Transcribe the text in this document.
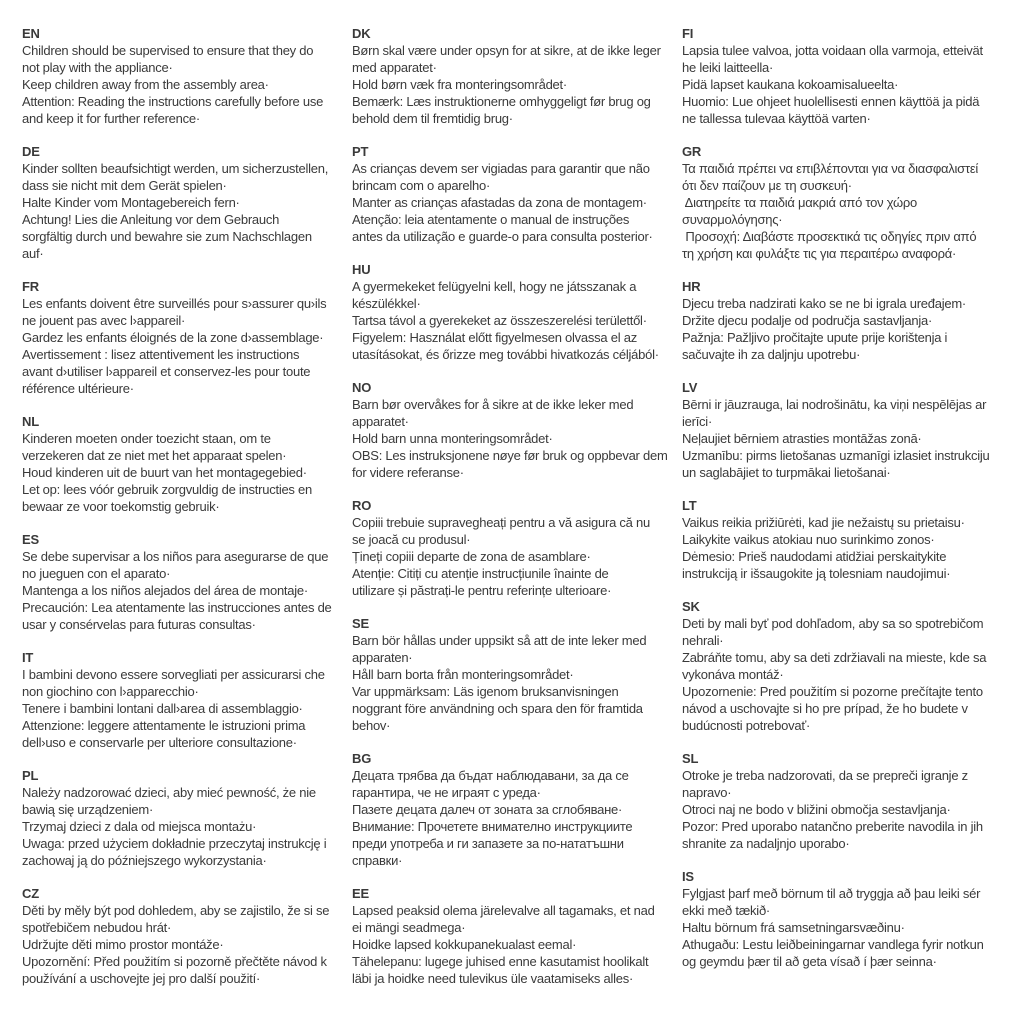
EN
Children should be supervised to ensure that they do
not play with the appliance·
Keep children away from the assembly area·
Attention: Reading the instructions carefully before use
and keep it for further reference·
DE
Kinder sollten beaufsichtigt werden, um sicherzustellen,
dass sie nicht mit dem Gerät spielen·
Halte Kinder vom Montagebereich fern·
Achtung! Lies die Anleitung vor dem Gebrauch
sorgfältig durch und bewahre sie zum Nachschlagen
auf·
FR
Les enfants doivent être surveillés pour s›assurer qu›ils
ne jouent pas avec l›appareil·
Gardez les enfants éloignés de la zone d›assemblage·
Avertissement : lisez attentivement les instructions
avant d›utiliser l›appareil et conservez-les pour toute
référence ultérieure·
NL
Kinderen moeten onder toezicht staan, om te
verzekeren dat ze niet met het apparaat spelen·
Houd kinderen uit de buurt van het montagegebied·
Let op: lees vóór gebruik zorgvuldig de instructies en
bewaar ze voor toekomstig gebruik·
ES
Se debe supervisar a los niños para asegurarse de que
no jueguen con el aparato·
Mantenga a los niños alejados del área de montaje·
Precaución: Lea atentamente las instrucciones antes de
usar y consérvelas para futuras consultas·
IT
I bambini devono essere sorvegliati per assicurarsi che
non giochino con l›apparecchio·
Tenere i bambini lontani dall›area di assemblaggio·
Attenzione: leggere attentamente le istruzioni prima
dell›uso e conservarle per ulteriore consultazione·
PL
Należy nadzorować dzieci, aby mieć pewność, że nie
bawią się urządzeniem·
Trzymaj dzieci z dala od miejsca montażu·
Uwaga: przed użyciem dokładnie przeczytaj instrukcję i
zachowaj ją do późniejszego wykorzystania·
CZ
Děti by měly být pod dohledem, aby se zajistilo, že si se
spotřebičem nebudou hrát·
Udržujte děti mimo prostor montáže·
Upozornění: Před použitím si pozorně přečtěte návod k
používání a uschovejte jej pro další použití·
DK
Børn skal være under opsyn for at sikre, at de ikke leger
med apparatet·
Hold børn væk fra monteringsområdet·
Bemærk: Læs instruktionerne omhyggeligt før brug og
behold dem til fremtidig brug·
PT
As crianças devem ser vigiadas para garantir que não
brincam com o aparelho·
Manter as crianças afastadas da zona de montagem·
Atenção: leia atentamente o manual de instruções
antes da utilização e guarde-o para consulta posterior·
HU
A gyermekeket felügyelni kell, hogy ne játsszanak a
készülékkel·
Tartsa távol a gyerekeket az összeszerelési területtől·
Figyelem: Használat előtt figyelmesen olvassa el az
utasításokat, és őrizze meg további hivatkozás céljából·
NO
Barn bør overvåkes for å sikre at de ikke leker med
apparatet·
Hold barn unna monteringsområdet·
OBS: Les instruksjonene nøye før bruk og oppbevar dem
for videre referanse·
RO
Copiii trebuie supravegheați pentru a vă asigura că nu
se joacă cu produsul·
Țineți copiii departe de zona de asamblare·
Atenție: Citiți cu atenție instrucțiunile înainte de
utilizare și păstrați-le pentru referințe ulterioare·
SE
Barn bör hållas under uppsikt så att de inte leker med
apparaten·
Håll barn borta från monteringsområdet·
Var uppmärksam: Läs igenom bruksanvisningen
noggrant före användning och spara den för framtida
behov·
BG
Децата трябва да бъдат наблюдавани, за да се
гарантира, че не играят с уреда·
Пазете децата далеч от зоната за сглобяване·
Внимание: Прочетете внимателно инструкциите
преди употреба и ги запазете за по-нататъшни
справки·
EE
Lapsed peaksid olema järelevalve all tagamaks, et nad
ei mängi seadmega·
Hoidke lapsed kokkupanekualast eemal·
Tähelepanu: lugege juhised enne kasutamist hoolikalt
läbi ja hoidke need tulevikus üle vaatamiseks alles·
FI
Lapsia tulee valvoa, jotta voidaan olla varmoja, etteivät
he leiki laitteella·
Pidä lapset kaukana kokoamisalueelta·
Huomio: Lue ohjeet huolellisesti ennen käyttöä ja pidä
ne tallessa tulevaa käyttöä varten·
GR
Τα παιδιά πρέπει να επιβλέπονται για να διασφαλιστεί
ότι δεν παίζουν με τη συσκευή·
Διατηρείτε τα παιδιά μακριά από τον χώρο
συναρμολόγησης·
Προσοχή: Διαβάστε προσεκτικά τις οδηγίες πριν από
τη χρήση και φυλάξτε τις για περαιτέρω αναφορά·
HR
Djecu treba nadzirati kako se ne bi igrala uređajem·
Držite djecu podalje od područja sastavljanja·
Pažnja: Pažljivo pročitajte upute prije korištenja i
sačuvajte ih za daljnju upotrebu·
LV
Bērni ir jāuzrauga, lai nodrošinātu, ka viņi nespēlējas ar
ierīci·
Neļaujiet bērniem atrasties montāžas zonā·
Uzmanību: pirms lietošanas uzmanīgi izlasiet instrukciju
un saglabājiet to turpmākai lietošanai·
LT
Vaikus reikia prižiūrėti, kad jie nežaistų su prietaisu·
Laikykite vaikus atokiau nuo surinkimo zonos·
Dėmesio: Prieš naudodami atidžiai perskaitykite
instrukciją ir išsaugokite ją tolesniam naudojimui·
SK
Deti by mali byť pod dohľadom, aby sa so spotrebičom
nehrali·
Zabráňte tomu, aby sa deti zdržiavali na mieste, kde sa
vykonáva montáž·
Upozornenie: Pred použitím si pozorne prečítajte tento
návod a uschovajte si ho pre prípad, že ho budete v
budúcnosti potrebovať·
SL
Otroke je treba nadzorovati, da se prepreči igranje z
napravo·
Otroci naj ne bodo v bližini območja sestavljanja·
Pozor: Pred uporabo natančno preberite navodila in jih
shranite za nadaljnjo uporabo·
IS
Fylgjast þarf með börnum til að tryggja að þau leiki sér
ekki með tækið·
Haltu börnum frá samsetningarsvæðinu·
Athugaðu: Lestu leiðbeiningarnar vandlega fyrir notkun
og geymdu þær til að geta vísað í þær seinna·
